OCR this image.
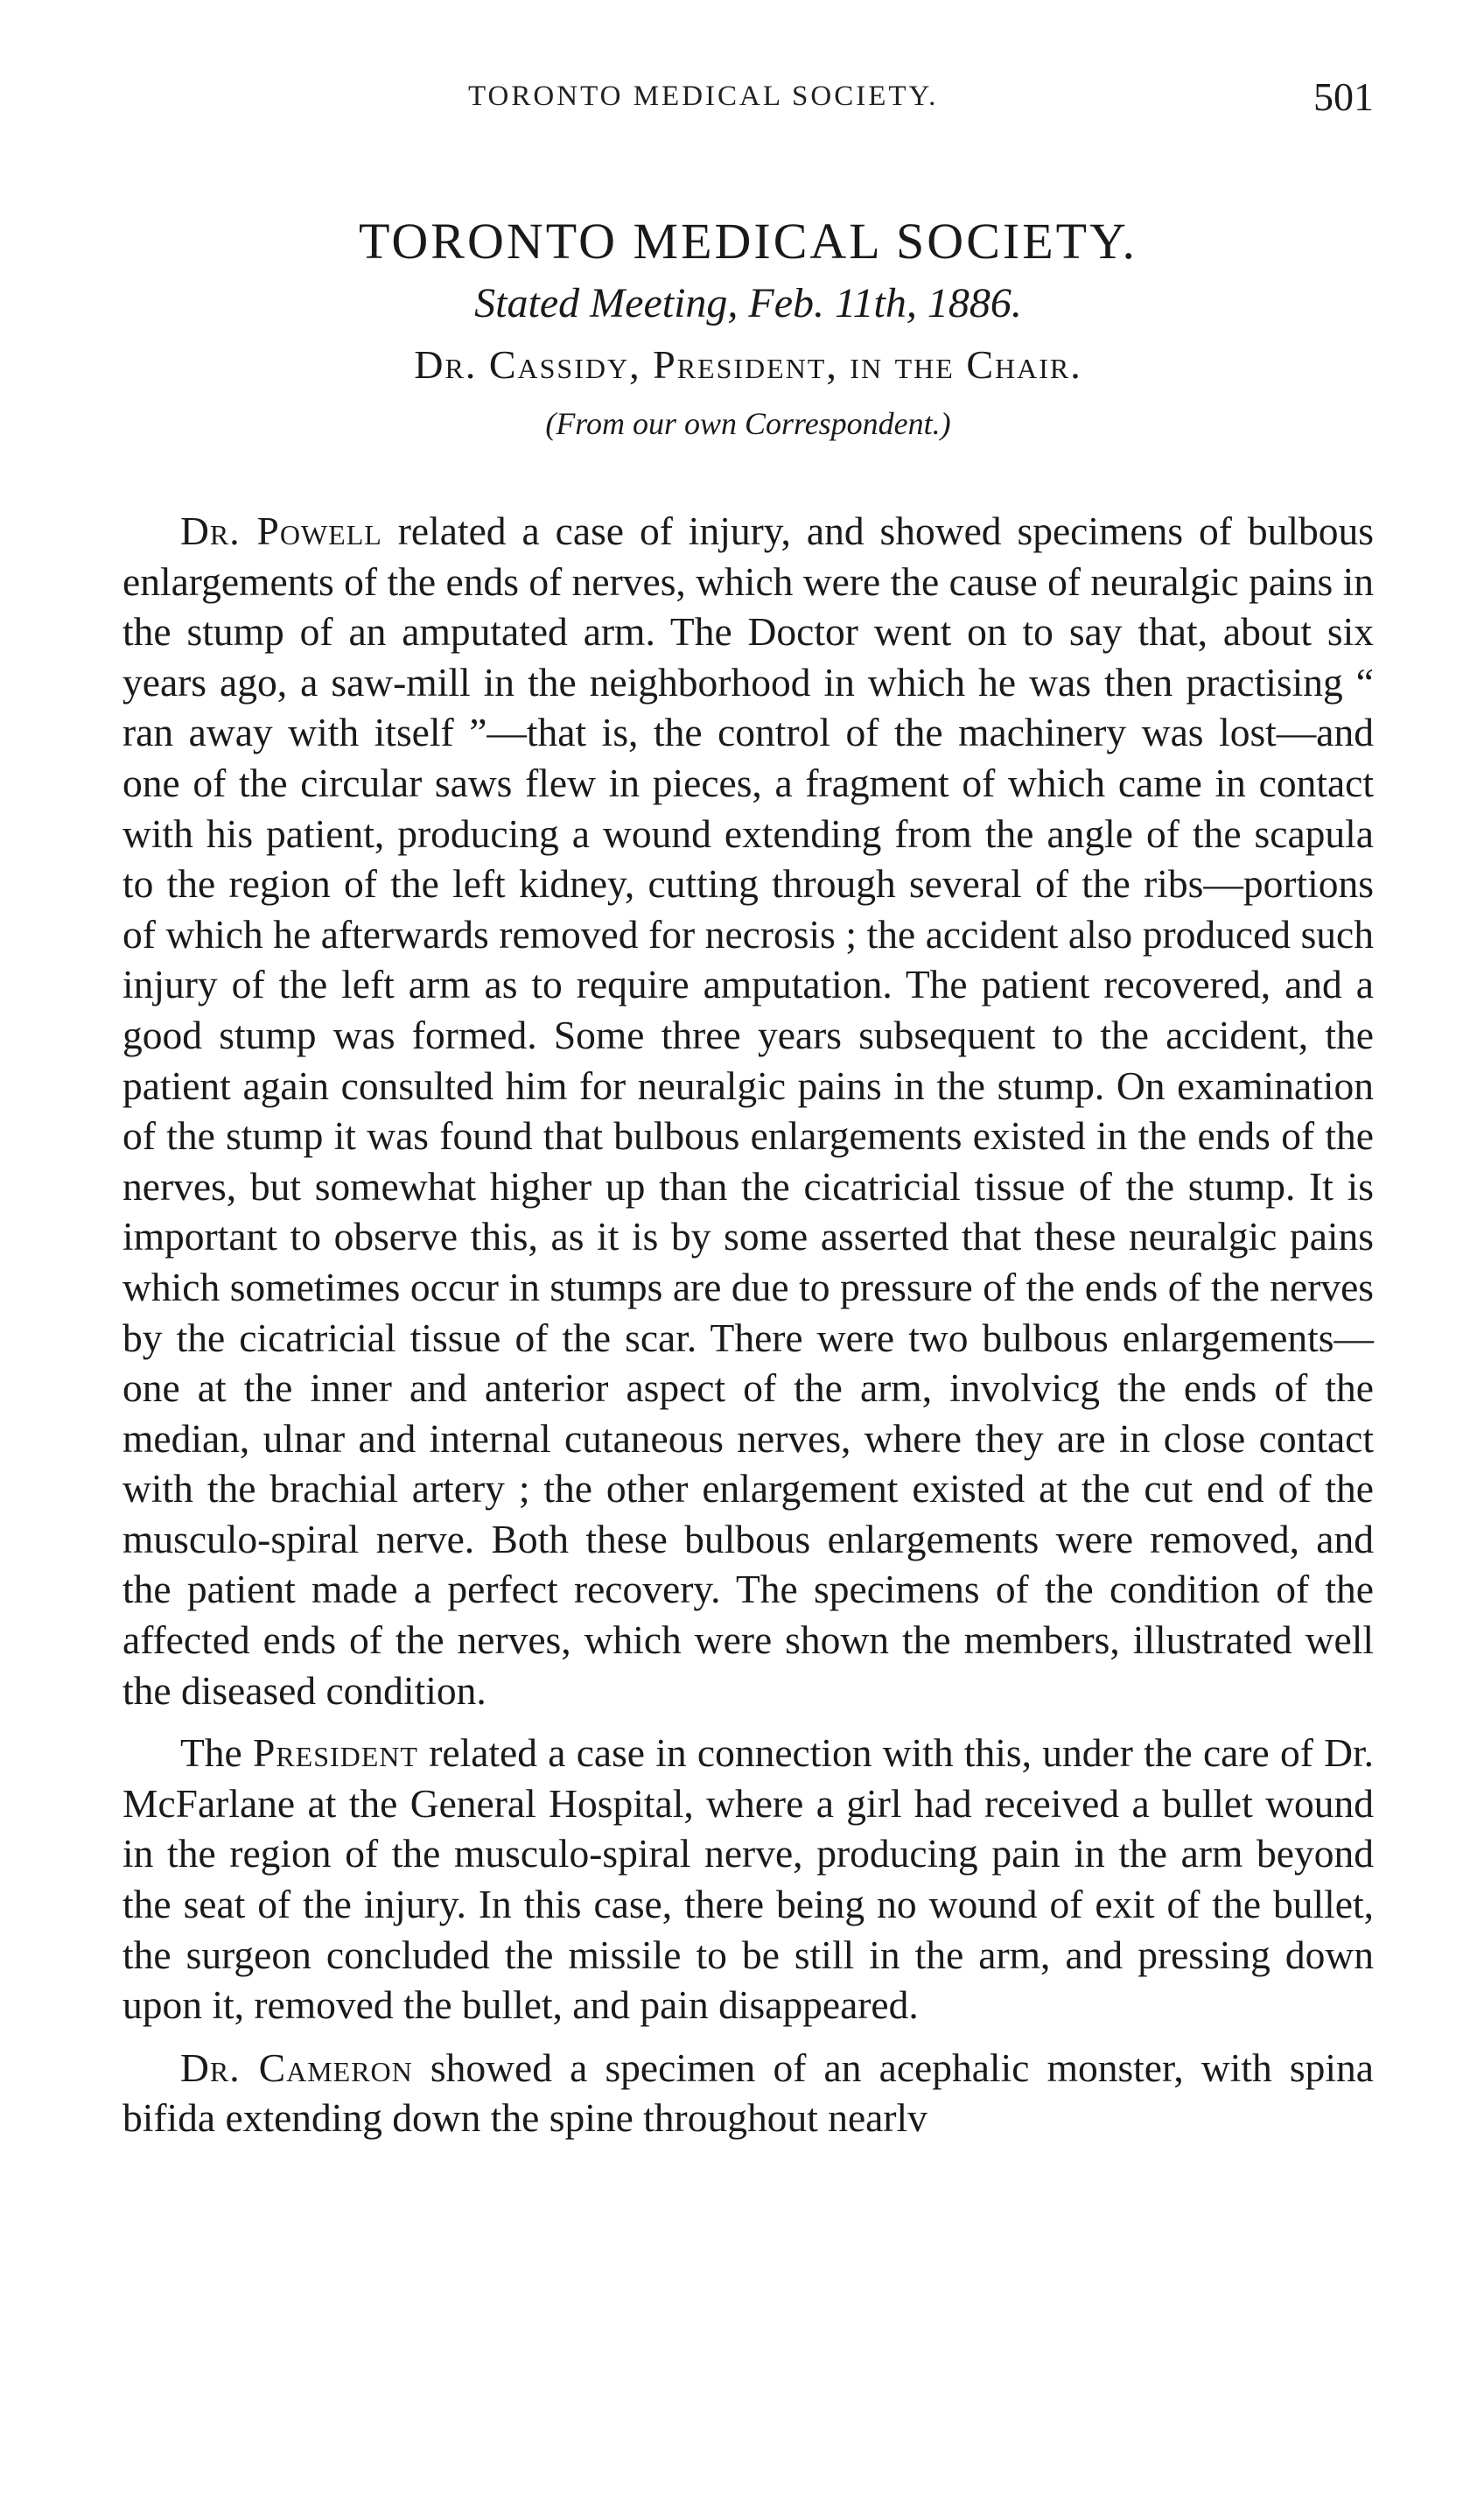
TORONTO MEDICAL SOCIETY.	501
TORONTO MEDICAL SOCIETY.

Stated Meeting, Feb. 11th, 1886.

Dr. Cassidy, President, in the Chair.

(From our own Correspondent.)

Dr. Powell related a case of injury, and showed specimens of bulbous enlargements of the ends of nerves, which were the cause of neuralgic pains in the stump of an amputated arm. The Doctor went on to say that, about six years ago, a saw-mill in the neighborhood in which he was then practising “ ran away with itself ”—that is, the control of the machinery was lost—and one of the circular saws flew in pieces, a fragment of which came in contact with his patient, producing a wound extending from the angle of the scapula to the region of the left kidney, cutting through several of the ribs—portions of which he afterwards removed for necrosis ; the accident also produced such injury of the left arm as to require amputation. The patient recovered, and a good stump was formed. Some three years subsequent to the accident, the patient again consulted him for neuralgic pains in the stump. On examination of the stump it was found that bulbous enlargements existed in the ends of the nerves, but somewhat higher up than the cicatricial tissue of the stump. It is important to observe this, as it is by some asserted that these neuralgic pains which sometimes occur in stumps are due to pressure of the ends of the nerves by the cicatricial tissue of the scar. There were two bulbous enlargements—one at the inner and anterior aspect of the arm, involvicg the ends of the median, ulnar and internal cutaneous nerves, where they are in close contact with the brachial artery ; the other enlargement existed at the cut end of the musculo-spiral nerve. Both these bulbous enlargements were removed, and the patient made a perfect recovery. The specimens of the condition of the affected ends of the nerves, which were shown the members, illustrated well the diseased condition.

The President related a case in connection with this, under the care of Dr. McFarlane at the General Hospital, where a girl had received a bullet wound in the region of the musculo-spiral nerve, producing pain in the arm beyond the seat of the injury. In this case, there being no wound of exit of the bullet, the surgeon concluded the missile to be still in the arm, and pressing down upon it, removed the bullet, and pain disappeared.

Dr. Cameron showed a specimen of an acephalic monster, with spina bifida extending down the spine throughout nearlv
